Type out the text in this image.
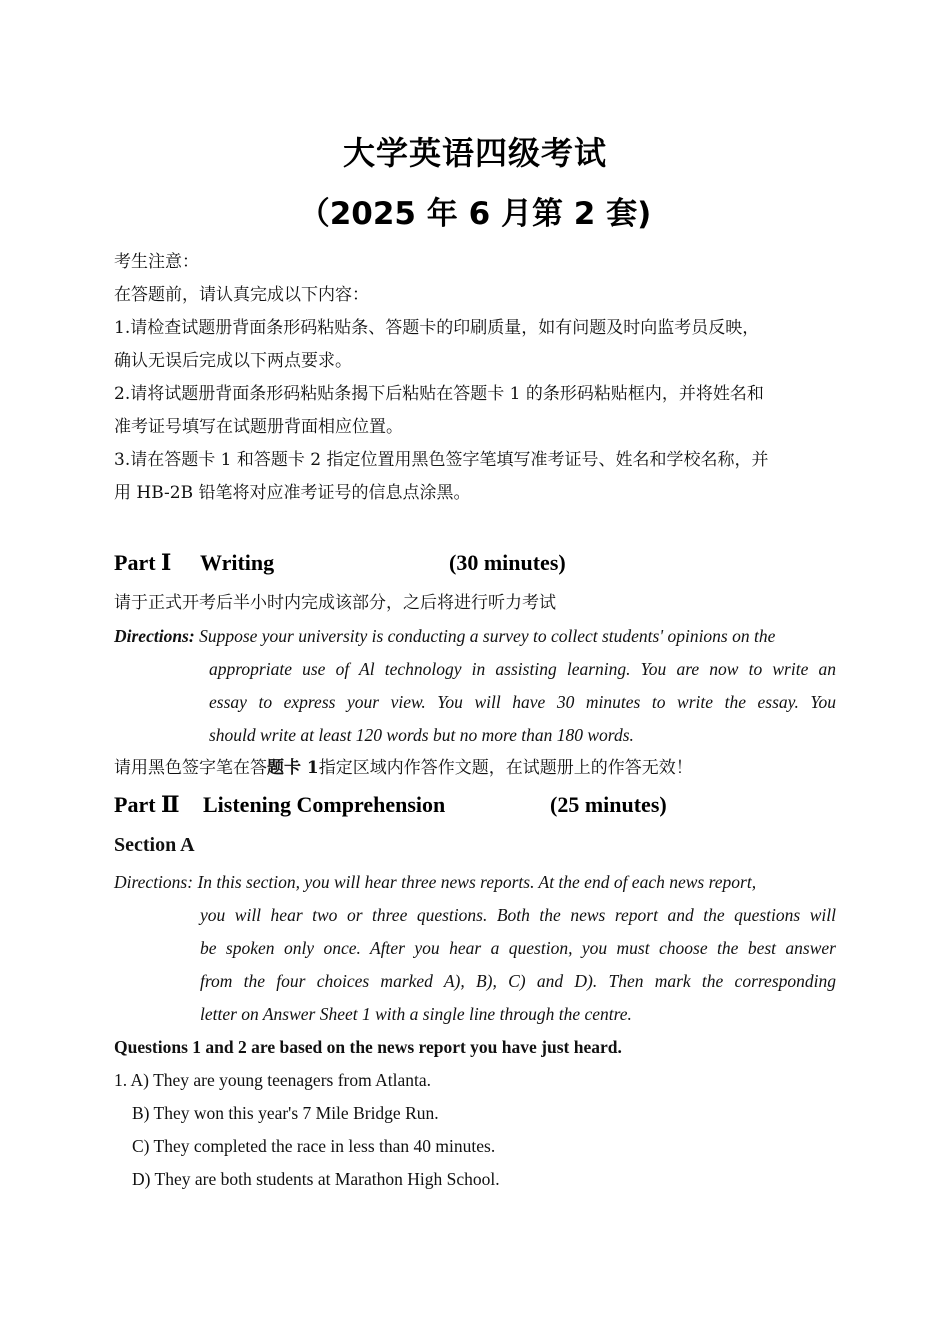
大学英语四级考试
（2025 年 6 月第 2 套)
考生注意：
在答题前，请认真完成以下内容：
1.请检查试题册背面条形码粘贴条、答题卡的印刷质量，如有问题及时向监考员反映，
确认无误后完成以下两点要求。
2.请将试题册背面条形码粘贴条揭下后粘贴在答题卡 1 的条形码粘贴框内，并将姓名和
准考证号填写在试题册背面相应位置。
3.请在答题卡 1 和答题卡 2 指定位置用黑色签字笔填写准考证号、姓名和学校名称，并
用 HB-2B 铅笔将对应准考证号的信息点涂黑。
Part Ⅰ Writing	(30 minutes)
请于正式开考后半小时内完成该部分，之后将进行听力考试
Directions: Suppose your university is conducting a survey to collect students' opinions on the
appropriate use of Al technology in assisting learning. You are now to write an
essay to express your view. You will have 30 minutes to write the essay. You
should write at least 120 words but no more than 180 words.
请用黑色签字笔在答题卡 1指定区域内作答作文题，在试题册上的作答无效！
Part Ⅱ Listening Comprehension	(25 minutes)
Section A
Directions: In this section, you will hear three news reports. At the end of each news report,
you will hear two or three questions. Both the news report and the questions will
be spoken only once. After you hear a question, you must choose the best answer
from the four choices marked A), B), C) and D). Then mark the corresponding
letter on Answer Sheet 1 with a single line through the centre.
Questions 1 and 2 are based on the news report you have just heard.
1. A) They are young teenagers from Atlanta.
B) They won this year's 7 Mile Bridge Run.
C) They completed the race in less than 40 minutes.
D) They are both students at Marathon High School.
